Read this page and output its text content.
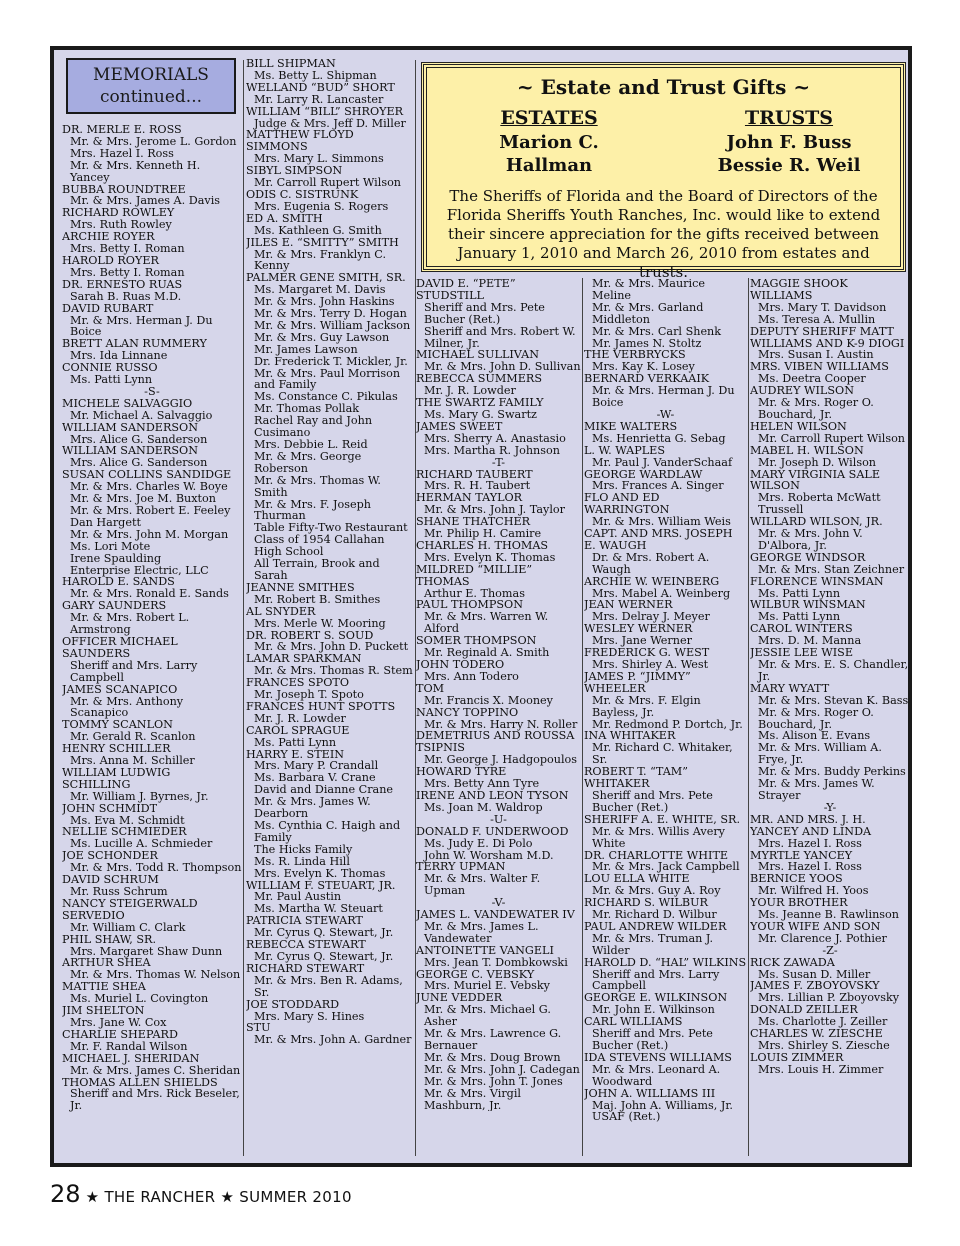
MEMORIALS
continued...	~ Estate and Trust Gifts ~
ESTATES
Marion C. Hallman
TRUSTS
John F. Buss
Bessie R. Weil
The Sheriffs of Florida and the Board of Directors of the Florida Sheriffs Youth Ranches, Inc. would like to extend their sincere appreciation for the gifts received between January 1, 2010 and March 26, 2010 from estates and trusts.
DR. MERLE E. ROSS
Mr. & Mrs. Jerome L. Gordon
Mrs. Hazel I. Ross
Mr. & Mrs. Kenneth H. Yancey
BUBBA ROUNDTREE
Mr. & Mrs. James A. Davis
RICHARD ROWLEY
Mrs. Ruth Rowley
ARCHIE ROYER
Mrs. Betty I. Roman
HAROLD ROYER
Mrs. Betty I. Roman
DR. ERNESTO RUAS
Sarah B. Ruas M.D.
DAVID RUBART
Mr. & Mrs. Herman J. Du Boice
BRETT ALAN RUMMERY
Mrs. Ida Linnane
CONNIE RUSSO
Ms. Patti Lynn
-S-
MICHELE SALVAGGIO
Mr. Michael A. Salvaggio
WILLIAM SANDERSON
Mrs. Alice G. Sanderson
WILLIAM SANDERSON
Mrs. Alice G. Sanderson
SUSAN COLLINS SANDIDGE
Mr. & Mrs. Charles W. Boye
Mr. & Mrs. Joe M. Buxton
Mr. & Mrs. Robert E. Feeley
Dan Hargett
Mr. & Mrs. John M. Morgan
Ms. Lori Mote
Irene Spaulding
Enterprise Electric, LLC
HAROLD E. SANDS
Mr. & Mrs. Ronald E. Sands
GARY SAUNDERS
Mr. & Mrs. Robert L. Armstrong
OFFICER MICHAEL SAUNDERS
Sheriff and Mrs. Larry Campbell
JAMES SCANAPICO
Mr. & Mrs. Anthony Scanapico
TOMMY SCANLON
Mr. Gerald R. Scanlon
HENRY SCHILLER
Mrs. Anna M. Schiller
WILLIAM LUDWIG SCHILLING
Mr. William J. Byrnes, Jr.
JOHN SCHMIDT
Ms. Eva M. Schmidt
NELLIE SCHMIEDER
Ms. Lucille A. Schmieder
JOE SCHONDER
Mr. & Mrs. Todd R. Thompson
DAVID SCHRUM
Mr. Russ Schrum
NANCY STEIGERWALD SERVEDIO
Mr. William C. Clark
PHIL SHAW, SR.
Mrs. Margaret Shaw Dunn
ARTHUR SHEA
Mr. & Mrs. Thomas W. Nelson
MATTIE SHEA
Ms. Muriel L. Covington
JIM SHELTON
Mrs. Jane W. Cox
CHARLIE SHEPARD
Mr. F. Randal Wilson
MICHAEL J. SHERIDAN
Mr. & Mrs. James C. Sheridan
THOMAS ALLEN SHIELDS
Sheriff and Mrs. Rick Beseler, Jr.
BILL SHIPMAN
Ms. Betty L. Shipman
WELLAND “BUD” SHORT
Mr. Larry R. Lancaster
WILLIAM “BILL” SHROYER
Judge & Mrs. Jeff D. Miller
MATTHEW FLOYD SIMMONS
Mrs. Mary L. Simmons
SIBYL SIMPSON
Mr. Carroll Rupert Wilson
ODIS C. SISTRUNK
Mrs. Eugenia S. Rogers
ED A. SMITH
Ms. Kathleen G. Smith
JILES E. “SMITTY” SMITH
Mr. & Mrs. Franklyn C. Kenny
PALMER GENE SMITH, SR.
Ms. Margaret M. Davis
Mr. & Mrs. John Haskins
Mr. & Mrs. Terry D. Hogan
Mr. & Mrs. William Jackson
Mr. & Mrs. Guy Lawson
Mr. James Lawson
Dr. Frederick T. Mickler, Jr.
Mr. & Mrs. Paul Morrison and Family
Ms. Constance C. Pikulas
Mr. Thomas Pollak
Rachel Ray and John Cusimano
Mrs. Debbie L. Reid
Mr. & Mrs. George Roberson
Mr. & Mrs. Thomas W. Smith
Mr. & Mrs. F. Joseph Thurman
Table Fifty-Two Restaurant
Class of 1954 Callahan High School
All Terrain, Brook and Sarah
JEANNE SMITHES
Mr. Robert B. Smithes
AL SNYDER
Mrs. Merle W. Mooring
DR. ROBERT S. SOUD
Mr. & Mrs. John D. Puckett
LAMAR SPARKMAN
Mr. & Mrs. Thomas R. Stem
FRANCES SPOTO
Mr. Joseph T. Spoto
FRANCES HUNT SPOTTS
Mr. J. R. Lowder
CAROL SPRAGUE
Ms. Patti Lynn
HARRY E. STEIN
Mrs. Mary P. Crandall
Ms. Barbara V. Crane
David and Dianne Crane
Mr. & Mrs. James W. Dearborn
Ms. Cynthia C. Haigh and Family
The Hicks Family
Ms. R. Linda Hill
Mrs. Evelyn K. Thomas
WILLIAM F. STEUART, JR.
Mr. Paul Austin
Ms. Martha W. Steuart
PATRICIA STEWART
Mr. Cyrus Q. Stewart, Jr.
REBECCA STEWART
Mr. Cyrus Q. Stewart, Jr.
RICHARD STEWART
Mr. & Mrs. Ben R. Adams, Sr.
JOE STODDARD
Mrs. Mary S. Hines
STU
Mr. & Mrs. John A. Gardner
DAVID E. “PETE” STUDSTILL
Sheriff and Mrs. Pete Bucher (Ret.)
Sheriff and Mrs. Robert W. Milner, Jr.
MICHAEL SULLIVAN
Mr. & Mrs. John D. Sullivan
REBECCA SUMMERS
Mr. J. R. Lowder
THE SWARTZ FAMILY
Ms. Mary G. Swartz
JAMES SWEET
Mrs. Sherry A. Anastasio
Mrs. Martha R. Johnson
-T-
RICHARD TAUBERT
Mrs. R. H. Taubert
HERMAN TAYLOR
Mr. & Mrs. John J. Taylor
SHANE THATCHER
Mr. Philip H. Camire
CHARLES H. THOMAS
Mrs. Evelyn K. Thomas
MILDRED “MILLIE” THOMAS
Arthur E. Thomas
PAUL THOMPSON
Mr. & Mrs. Warren W. Alford
SOMER THOMPSON
Mr. Reginald A. Smith
JOHN TODERO
Mrs. Ann Todero
TOM
Mr. Francis X. Mooney
NANCY TOPPINO
Mr. & Mrs. Harry N. Roller
DEMETRIUS AND ROUSSA TSIPNIS
Mr. George J. Hadgopoulos
HOWARD TYRE
Mrs. Betty Ann Tyre
IRENE AND LEON TYSON
Ms. Joan M. Waldrop
-U-
DONALD F. UNDERWOOD
Ms. Judy E. Di Polo
John W. Worsham M.D.
TERRY UPMAN
Mr. & Mrs. Walter F. Upman
-V-
JAMES L. VANDEWATER IV
Mr. & Mrs. James L. Vandewater
ANTOINETTE VANGELI
Mrs. Jean T. Dombkowski
GEORGE C. VEBSKY
Mrs. Muriel E. Vebsky
JUNE VEDDER
Mr. & Mrs. Michael G. Asher
Mr. & Mrs. Lawrence G. Bernauer
Mr. & Mrs. Doug Brown
Mr. & Mrs. John J. Cadegan
Mr. & Mrs. John T. Jones
Mr. & Mrs. Virgil Mashburn, Jr.
Mr. & Mrs. Maurice Meline
Mr. & Mrs. Garland Middleton
Mr. & Mrs. Carl Shenk
Mr. James N. Stoltz
THE VERBRYCKS
Mrs. Kay K. Losey
BERNARD VERKAAIK
Mr. & Mrs. Herman J. Du Boice
-W-
MIKE WALTERS
Ms. Henrietta G. Sebag
L. W. WAPLES
Mr. Paul J. VanderSchaaf
GEORGE WARDLAW
Mrs. Frances A. Singer
FLO AND ED WARRINGTON
Mr. & Mrs. William Weis
CAPT. AND MRS. JOSEPH E. WAUGH
Dr. & Mrs. Robert A. Waugh
ARCHIE W. WEINBERG
Mrs. Mabel A. Weinberg
JEAN WERNER
Mrs. Delray J. Meyer
WESLEY WERNER
Mrs. Jane Werner
FREDERICK G. WEST
Mrs. Shirley A. West
JAMES P. “JIMMY” WHEELER
Mr. & Mrs. F. Elgin Bayless, Jr.
Mr. Redmond P. Dortch, Jr.
INA WHITAKER
Mr. Richard C. Whitaker, Sr.
ROBERT T. “TAM” WHITAKER
Sheriff and Mrs. Pete Bucher (Ret.)
SHERIFF A. E. WHITE, SR.
Mr. & Mrs. Willis Avery White
DR. CHARLOTTE WHITE
Mr. & Mrs. Jack Campbell
LOU ELLA WHITE
Mr. & Mrs. Guy A. Roy
RICHARD S. WILBUR
Mr. Richard D. Wilbur
PAUL ANDREW WILDER
Mr. & Mrs. Truman J. Wilder
HAROLD D. “HAL” WILKINS
Sheriff and Mrs. Larry Campbell
GEORGE E. WILKINSON
Mr. John E. Wilkinson
CARL WILLIAMS
Sheriff and Mrs. Pete Bucher (Ret.)
IDA STEVENS WILLIAMS
Mr. & Mrs. Leonard A. Woodward
JOHN A. WILLIAMS III
Maj. John A. Williams, Jr. USAF (Ret.)
MAGGIE SHOOK WILLIAMS
Mrs. Mary T. Davidson
Ms. Teresa A. Mullin
DEPUTY SHERIFF MATT WILLIAMS AND K-9 DIOGI
Mrs. Susan I. Austin
MRS. VIBEN WILLIAMS
Ms. Deetra Cooper
AUDREY WILSON
Mr. & Mrs. Roger O. Bouchard, Jr.
HELEN WILSON
Mr. Carroll Rupert Wilson
MABEL H. WILSON
Mr. Joseph D. Wilson
MARY VIRGINIA SALE WILSON
Mrs. Roberta McWatt Trussell
WILLARD WILSON, JR.
Mr. & Mrs. John V. D'Albora, Jr.
GEORGE WINDSOR
Mr. & Mrs. Stan Zeichner
FLORENCE WINSMAN
Ms. Patti Lynn
WILBUR WINSMAN
Ms. Patti Lynn
CAROL WINTERS
Mrs. D. M. Manna
JESSIE LEE WISE
Mr. & Mrs. E. S. Chandler, Jr.
MARY WYATT
Mr. & Mrs. Stevan K. Bass
Mr. & Mrs. Roger O. Bouchard, Jr.
Ms. Alison E. Evans
Mr. & Mrs. William A. Frye, Jr.
Mr. & Mrs. Buddy Perkins
Mr. & Mrs. James W. Strayer
-Y-
MR. AND MRS. J. H. YANCEY AND LINDA
Mrs. Hazel I. Ross
MYRTLE YANCEY
Mrs. Hazel I. Ross
BERNICE YOOS
Mr. Wilfred H. Yoos
YOUR BROTHER
Ms. Jeanne B. Rawlinson
YOUR WIFE AND SON
Mr. Clarence J. Pothier
-Z-
RICK ZAWADA
Ms. Susan D. Miller
JAMES F. ZBOYOVSKY
Mrs. Lillian P. Zboyovsky
DONALD ZEILLER
Ms. Charlotte J. Zeiller
CHARLES W. ZIESCHE
Mrs. Shirley S. Ziesche
LOUIS ZIMMER
Mrs. Louis H. Zimmer
28 ★ THE RANCHER ★ SUMMER 2010
